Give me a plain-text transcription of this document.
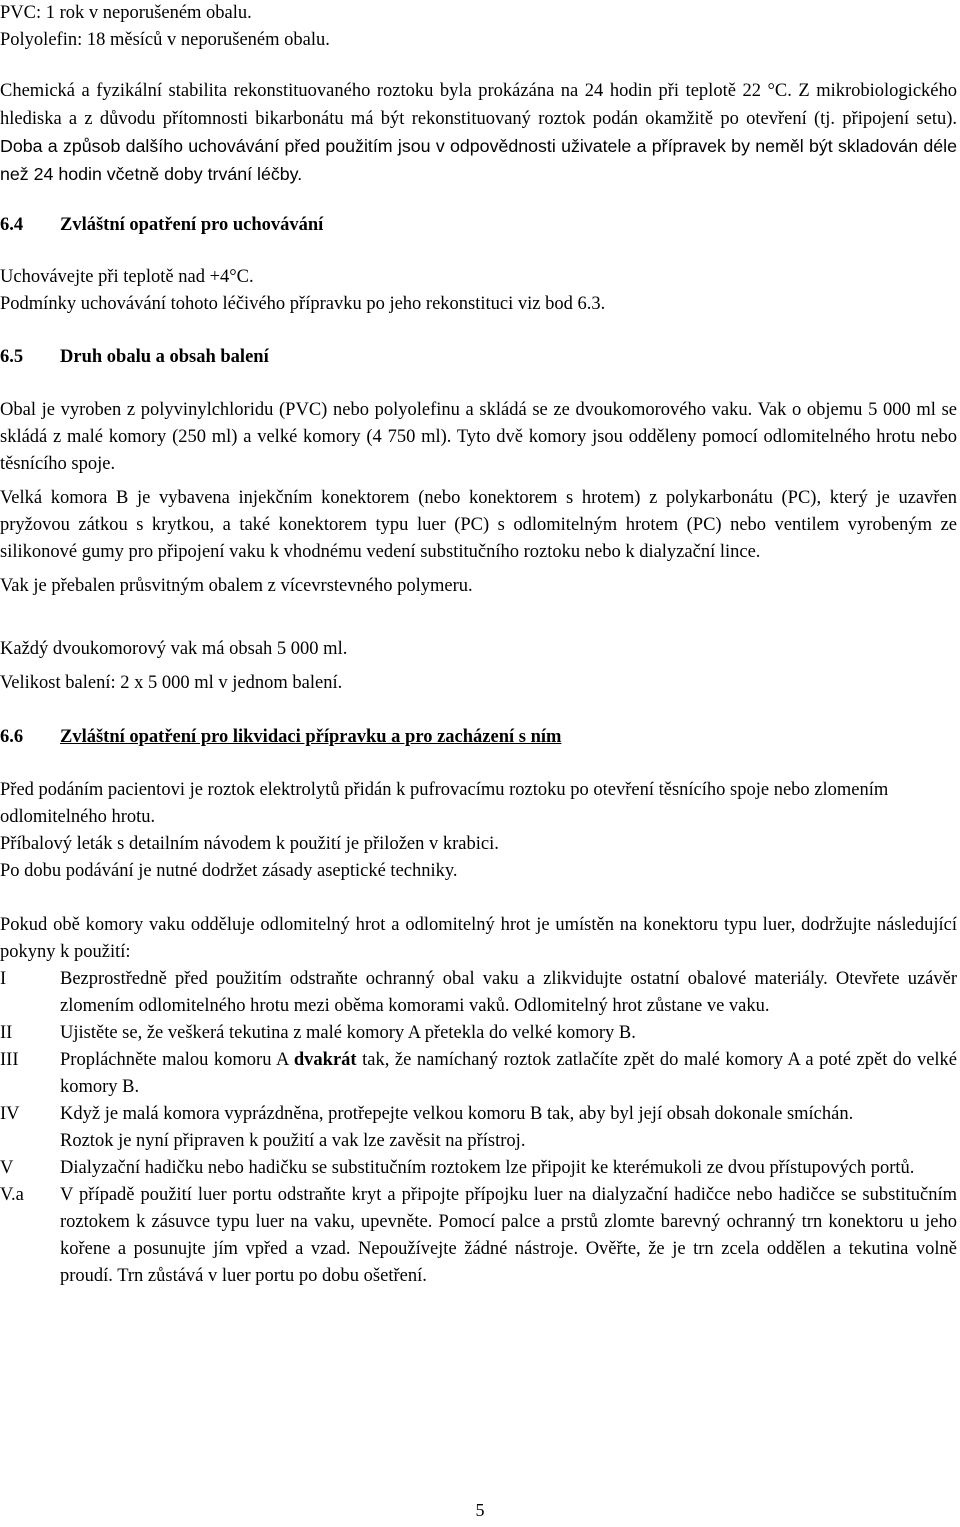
PVC: 1 rok v neporušeném obalu.

Polyolefin: 18 měsíců v neporušeném obalu.

Chemická a fyzikální stabilita rekonstituovaného roztoku byla prokázána na 24 hodin při teplotě 22 °C. Z mikrobiologického hlediska a z důvodu přítomnosti bikarbonátu má být rekonstituovaný roztok podán okamžitě po otevření (tj. připojení setu). Doba a způsob dalšího uchovávání před použitím jsou v odpovědnosti uživatele a přípravek by neměl být skladován déle než 24 hodin včetně doby trvání léčby.

6.4	Zvláštní opatření pro uchovávání

Uchovávejte při teplotě nad +4°C.

Podmínky uchovávání tohoto léčivého přípravku po jeho rekonstituci viz bod 6.3.

6.5	Druh obalu a obsah balení

Obal je vyroben z polyvinylchloridu (PVC) nebo polyolefinu a skládá se ze dvoukomorového vaku. Vak o objemu 5 000 ml se skládá z malé komory (250 ml) a velké komory (4 750 ml). Tyto dvě komory jsou odděleny pomocí odlomitelného hrotu nebo těsnícího spoje.

Velká komora B je vybavena injekčním konektorem (nebo konektorem s hrotem) z polykarbonátu (PC), který je uzavřen pryžovou zátkou s krytkou, a také konektorem typu luer (PC) s odlomitelným hrotem (PC) nebo ventilem vyrobeným ze silikonové gumy pro připojení vaku k vhodnému vedení substitučního roztoku nebo k dialyzační lince.

Vak je přebalen průsvitným obalem z vícevrstevného polymeru.

Každý dvoukomorový vak má obsah 5 000 ml.

Velikost balení: 2 x 5 000 ml v jednom balení.

6.6	Zvláštní opatření pro likvidaci přípravku a pro zacházení s ním

Před podáním pacientovi je roztok elektrolytů přidán k pufrovacímu roztoku po otevření těsnícího spoje nebo zlomením odlomitelného hrotu.

Příbalový leták s detailním návodem k použití je přiložen v krabici.

Po dobu podávání je nutné dodržet zásady aseptické techniky.

Pokud obě komory vaku odděluje odlomitelný hrot a odlomitelný hrot je umístěn na konektoru typu luer, dodržujte následující pokyny k použití:

I	Bezprostředně před použitím odstraňte ochranný obal vaku a zlikvidujte ostatní obalové materiály. Otevřete uzávěr zlomením odlomitelného hrotu mezi oběma komorami vaků. Odlomitelný hrot zůstane ve vaku.
II	Ujistěte se, že veškerá tekutina z malé komory A přetekla do velké komory B.
III	Propláchněte malou komoru A dvakrát tak, že namíchaný roztok zatlačíte zpět do malé komory A a poté zpět do velké komory B.
IV	Když je malá komora vyprázdněna, protřepejte velkou komoru B tak, aby byl její obsah dokonale smíchán.
Roztok je nyní připraven k použití a vak lze zavěsit na přístroj.
V	Dialyzační hadičku nebo hadičku se substitučním roztokem lze připojit ke kterémukoli ze dvou přístupových portů.
V.a	V případě použití luer portu odstraňte kryt a připojte přípojku luer na dialyzační hadičce nebo hadičce se substitučním roztokem k zásuvce typu luer na vaku, upevněte. Pomocí palce a prstů zlomte barevný ochranný trn konektoru u jeho kořene a posunujte jím vpřed a vzad. Nepoužívejte žádné nástroje. Ověřte, že je trn zcela oddělen a tekutina volně proudí. Trn zůstává v luer portu po dobu ošetření.
5
